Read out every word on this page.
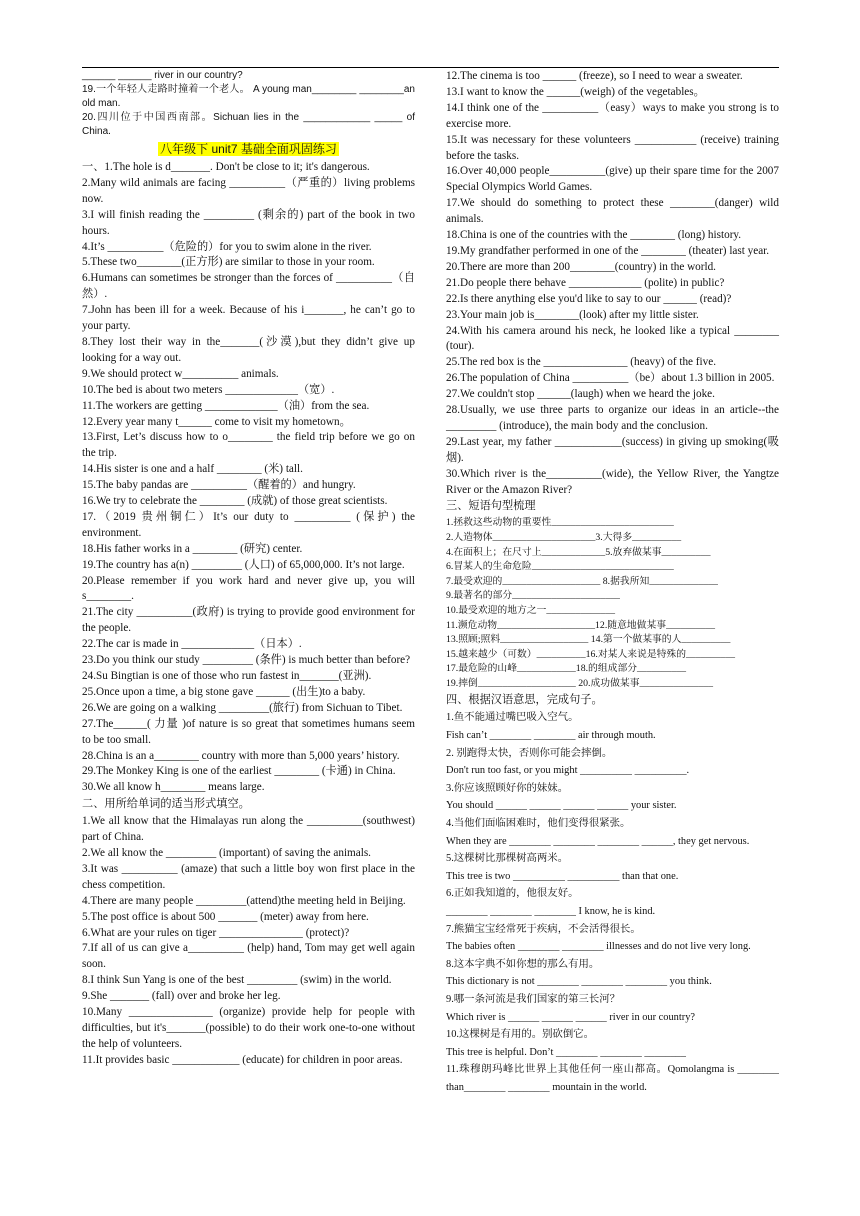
______ ______ river in our country?

19.一个年轻人走路时撞着一个老人。 A young man________ ________an old man.

20.四川位于中国西南部。Sichuan lies in the ____________ _____ of China.

八年级下 unit7 基础全面巩固练习

一、1.The hole is d_______. Don't be close to it; it's dangerous.

2.Many wild animals are facing __________（严重的）living problems now.

3.I will finish reading the _________ (剩余的) part of the book in two hours.

4.It’s __________（危险的）for you to swim alone in the river.

5.These two________(正方形) are similar to those in your room.

6.Humans can sometimes be stronger than the forces of __________（自然）.

7.John has been ill for a week. Because of his i_______, he can’t go to your party.

8.They lost their way in the_______(沙漠),but they didn’t give up looking for a way out.

9.We should protect w__________ animals.

10.The bed is about two meters _____________（宽）.

11.The workers are getting _____________（油）from the sea.

12.Every year many t______ come to visit my hometown。

13.First, Let’s discuss how to o________ the field trip before we go on the trip.

14.His sister is one and a half ________ (米) tall.

15.The baby pandas are __________（醒着的）and hungry.

16.We try to celebrate the ________ (成就) of those great scientists.

17.（2019 贵州铜仁）It’s our duty to __________ (保护) the environment.

18.His father works in a ________ (研究) center.

19.The country has a(n) _________ (人口) of 65,000,000. It’s not large.

20.Please remember if you work hard and never give up, you will s________.

21.The city __________(政府) is trying to provide good environment for the people.

22.The car is made in _____________（日本）.

23.Do you think our study _________ (条件) is much better than before?

24.Su Bingtian is one of those who run fastest in_______(亚洲).

25.Once upon a time, a big stone gave ______ (出生)to a baby.

26.We are going on a walking _________(旅行) from Sichuan to Tibet.

27.The______( 力量 )of nature is so great that sometimes humans seem to be too small.

28.China is an a________ country with more than 5,000 years’ history.

29.The Monkey King is one of the earliest ________ (卡通) in China.

30.We all know h________ means large.

二、用所给单词的适当形式填空。

1.We all know that the Himalayas run along the __________(southwest) part of China.

2.We all know the _________ (important) of saving the animals.

3.It was __________ (amaze) that such a little boy won first place in the chess competition.

4.There are many people _________(attend)the meeting held in Beijing.

5.The post office is about 500 _______ (meter) away from here.

6.What are your rules on tiger _______________ (protect)?

7.If all of us can give a__________ (help) hand, Tom may get well again soon.

8.I think Sun Yang is one of the best _________ (swim) in the world.

9.She _______ (fall) over and broke her leg.

10.Many _______________ (organize) provide help for people with difficulties, but it's_______(possible) to do their work one-to-one without the help of volunteers.

11.It provides basic ____________ (educate) for children in poor areas.

12.The cinema is too ______ (freeze), so I need to wear a sweater.

13.I want to know the ______(weigh) of the vegetables。

14.I think one of the __________（easy）ways to make you strong is to exercise more.

15.It was necessary for these volunteers ___________ (receive) training before the tasks.

16.Over 40,000 people__________(give) up their spare time for the 2007 Special Olympics World Games.

17.We should do something to protect these ________(danger) wild animals.

18.China is one of the countries with the ________ (long) history.

19.My grandfather performed in one of the ________ (theater) last year.

20.There are more than 200________(country) in the world.

21.Do people there behave _____________ (polite) in public?

22.Is there anything else you'd like to say to our ______ (read)?

23.Your main job is________(look) after my little sister.

24.With his camera around his neck, he looked like a typical ________ (tour).

25.The red box is the _______________ (heavy) of the five.

26.The population of China __________（be）about 1.3 billion in 2005.

27.We couldn't stop ______(laugh) when we heard the joke.

28.Usually, we use three parts to organize our ideas in an article--the _________ (introduce), the main body and the conclusion.

29.Last year, my father ____________(success) in giving up smoking(吸烟).

30.Which river is the__________(wide), the Yellow River, the Yangtze River or the Amazon River?

三、短语句型梳理

1.拯救这些动物的重要性_________________________

2.人造物体_____________________3.大得多__________

4.在面积上；在尺寸上_____________5.放弃做某事__________

6.冒某人的生命危险_____________________________

7.最受欢迎的____________________ 8.据我所知______________

9.最著名的部分______________________

10.最受欢迎的地方之一______________

11.濒危动物____________________12.随意地做某事__________

13.照顾;照料__________________ 14.第一个做某事的人__________

15.越来越少（可数）__________16.对某人来说是特殊的__________

17.最危险的山峰____________18.的组成部分__________

19.摔倒____________________ 20.成功做某事_______________

四、根据汉语意思，完成句子。

1.鱼不能通过嘴巴吸入空气。

Fish can’t ________ ________ air through mouth.

2. 别跑得太快，否则你可能会摔倒。

Don't run too fast, or you might __________ __________.

3.你应该照顾好你的妹妹。

You should ______ ______ ______ ______ your sister.

4.当他们面临困难时，他们变得很紧张。

When they are ________ ________ ________ ______, they get nervous.

5.这棵树比那棵树高两米。

This tree is two __________ __________ than that one.

6.正如我知道的，他很友好。

________ ________ ________ I know, he is kind.

7.熊猫宝宝经常死于疾病，不会活得很长。

The babies often ________ ________ illnesses and do not live very long.

8.这本字典不如你想的那么有用。

This dictionary is not ________ ________ ________ you think.

9.哪一条河流是我们国家的第三长河？

Which river is ______ ______ ______ river in our country?

10.这棵树是有用的。别砍倒它。

This tree is helpful. Don’t ________ ________ ________

11.珠穆朗玛峰比世界上其他任何一座山都高。Qomolangma is ________ than________ ________ mountain in the world.
